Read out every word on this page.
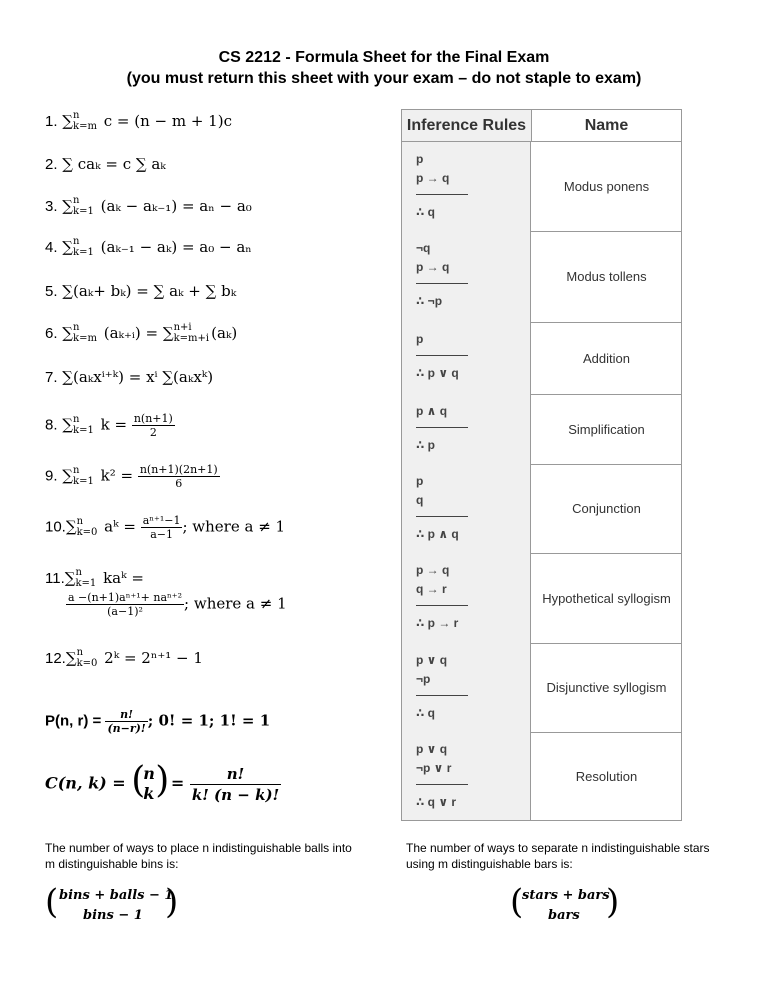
CS 2212 - Formula Sheet for the Final Exam
(you must return this sheet with your exam – do not staple to exam)
1. ∑ n
k=m c = (n − m + 1)c
2. ∑ caₖ = c ∑ aₖ
3. ∑ n
k=1 (aₖ − aₖ₋₁) = aₙ − a₀
4. ∑ n
k=1 (aₖ₋₁ − aₖ) = a₀ − aₙ
5. ∑(aₖ+ bₖ) = ∑ aₖ + ∑ bₖ
6. ∑ n
k=m (aₖ₊ᵢ) = ∑ n+i
k=m+i (aₖ)
7. ∑(aₖxⁱ⁺ᵏ) = xⁱ ∑(aₖxᵏ)
8. ∑ n
k=1 $k = \frac{n(n+1)}{2}$
9. ∑ n
k=1 $k^2 = \frac{n(n+1)(2n+1)}{6}$
10.∑ n
k=0 aᵏ = $\frac{\text{aⁿ⁺¹−1}}{a-1}$ ; where a ≠ 1
11.∑ n
k=1 kaᵏ =
$\frac{\text{a −(n+1)aⁿ⁺¹+ naⁿ⁺²}}{\text{(a−1)²}}$ ; where a ≠ 1
12.∑ n
k=0 2ᵏ = 2ⁿ⁺¹ − 1
P(n, $r) = \frac{n!}{(n-r)!}$ ; 0! = 1; 1! = 1
C(n, k) = (
n
k ) = $\frac{n!}{k! (n - k)!}$
Inference Rules	Name
p
p → q
∴ q
Modus ponens
¬q
p → q
∴ ¬p
Modus tollens
p
∴ p ∨ q
Addition
p ∧ q
∴ p
Simplification
p
q
∴ p ∧ q
Conjunction
p → q
q → r
∴ p → r
Hypothetical syllogism
p ∨ q
¬p
∴ q
Disjunctive syllogism
p ∨ q
¬p ∨ r
∴ q ∨ r
Resolution
The number of ways to place n indistinguishable balls into m distinguishable bins is:
( bins + balls − 1
bins − 1 )
The number of ways to separate n indistinguishable stars using m distinguishable bars is:
(
stars + bars
bars )
